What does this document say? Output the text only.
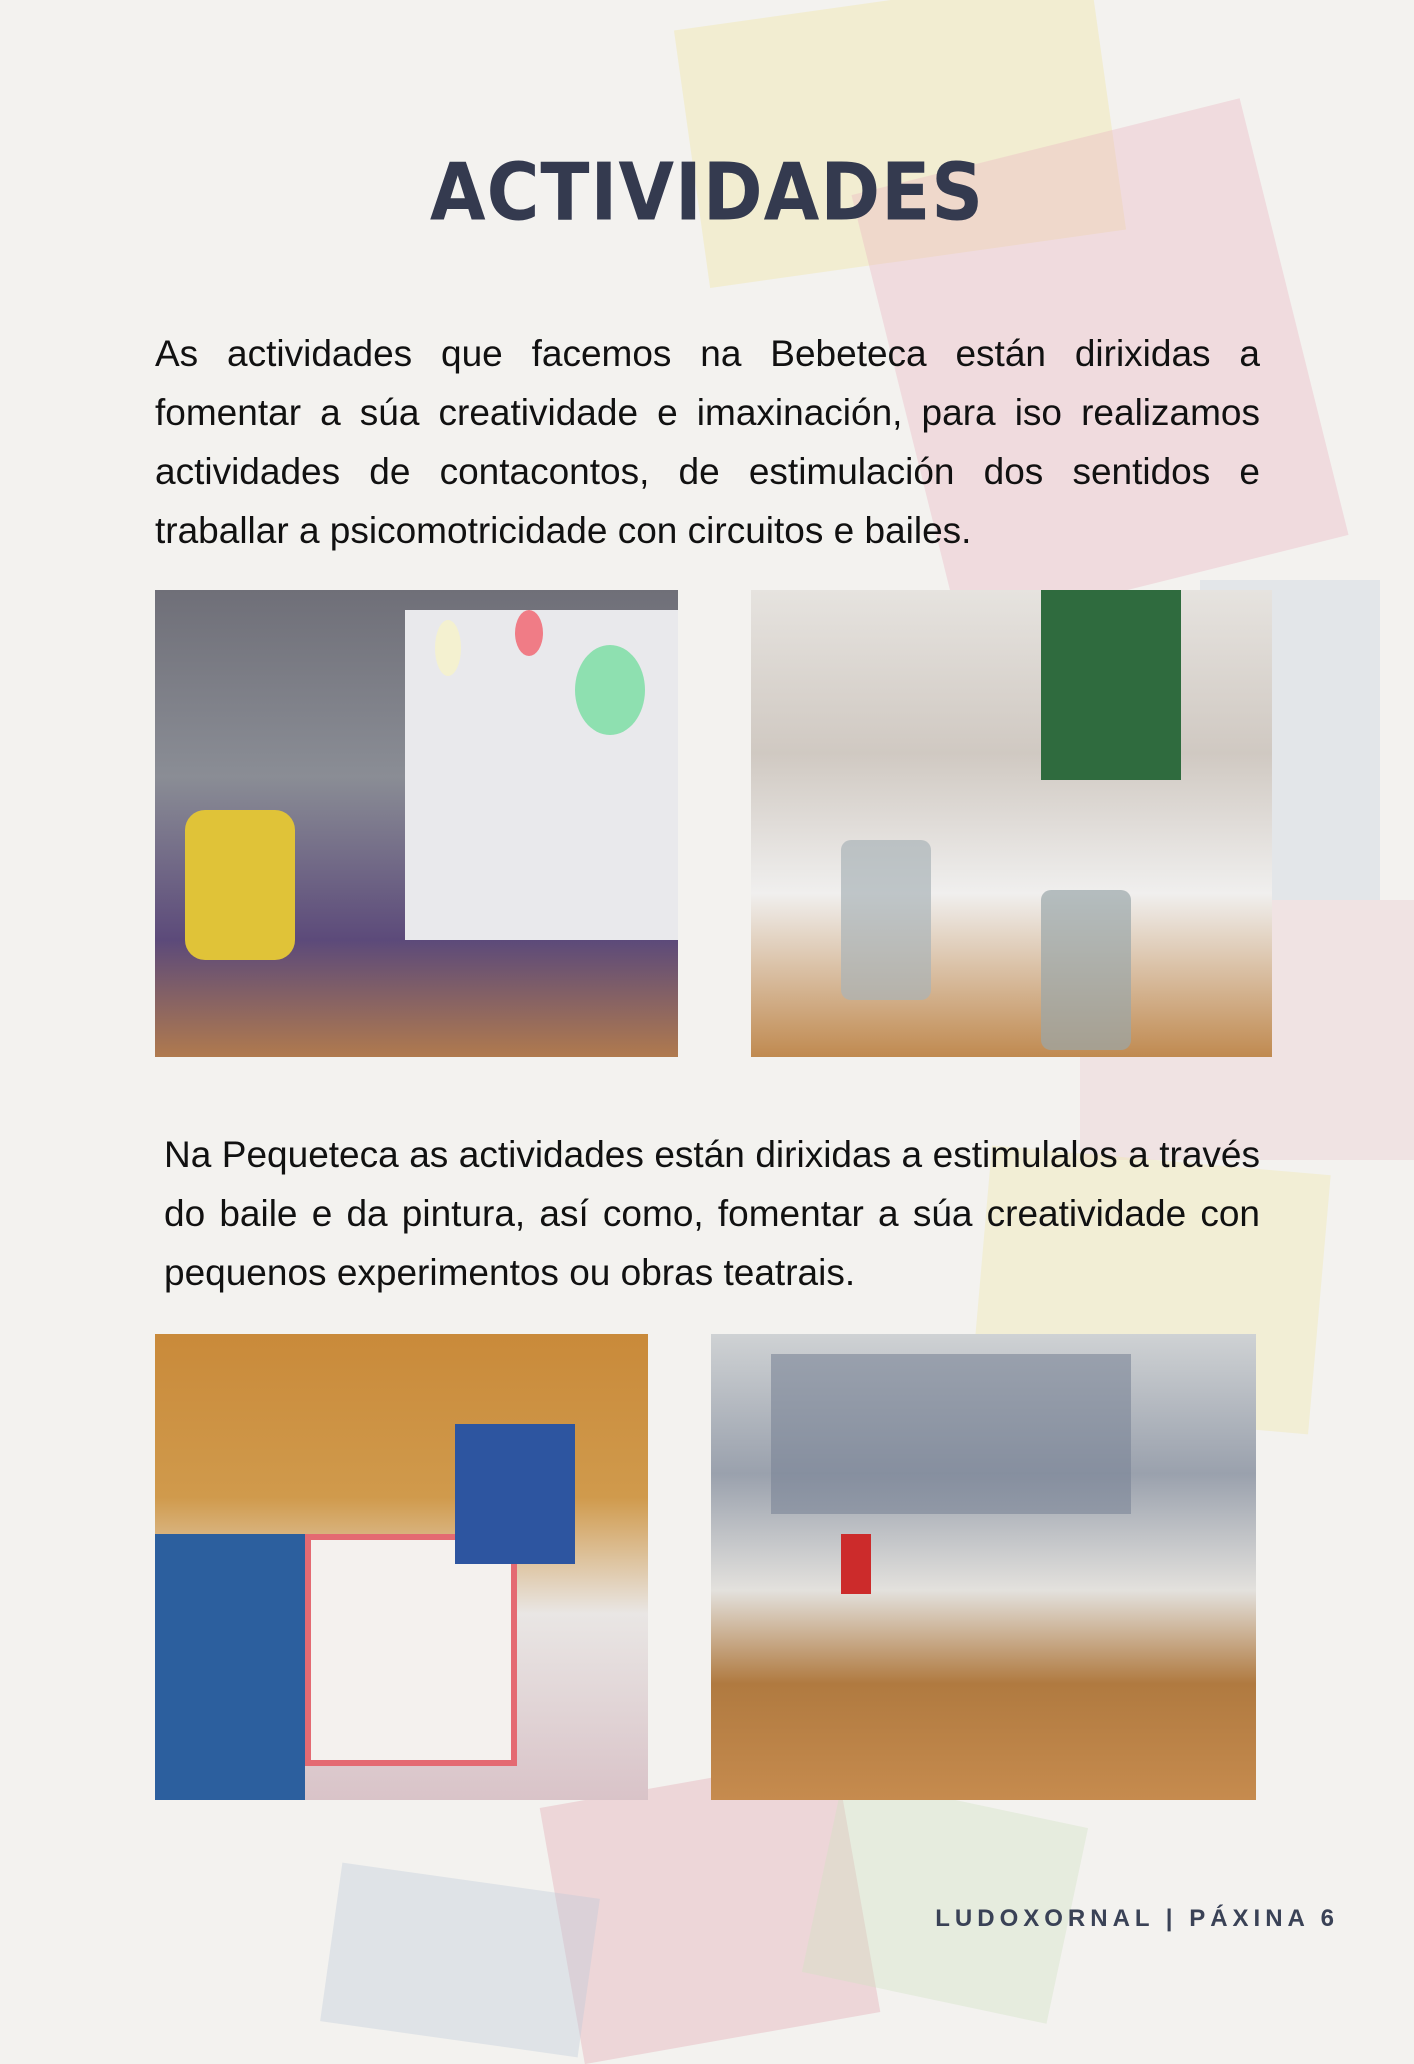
ACTIVIDADES
As actividades que facemos na Bebeteca están dirixidas a fomentar a súa creatividade e imaxinación, para iso realizamos actividades de contacontos, de estimulación dos sentidos e traballar a psicomotricidade con circuitos e bailes.
Na Pequeteca as actividades están dirixidas a estimulalos a través do baile e da pintura, así como, fomentar a súa creatividade con pequenos experimentos ou obras teatrais.
LUDOXORNAL | PÁXINA 6
